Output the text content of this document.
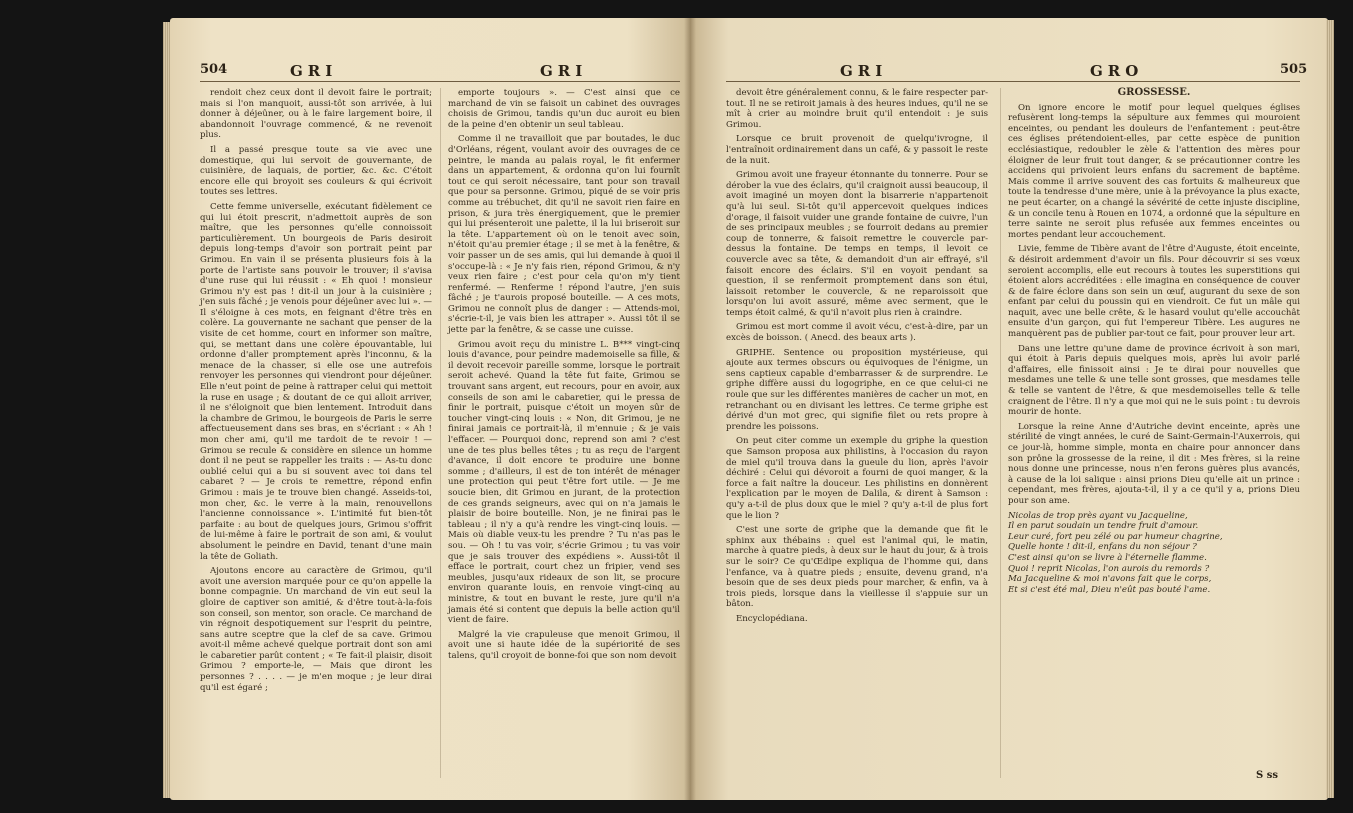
504	GRI	GRI

rendoit chez ceux dont il devoit faire le portrait; mais si l'on manquoit, aussi-tôt son arrivée, à lui donner à déjeûner, ou à le faire largement boire, il abandonnoit l'ouvrage commencé, & ne revenoit plus.

Il a passé presque toute sa vie avec une domestique, qui lui servoit de gouvernante, de cuisinière, de laquais, de portier, &c. &c. C'étoit encore elle qui broyoit ses couleurs & qui écrivoit toutes ses lettres.

Cette femme universelle, exécutant fidèlement ce qui lui étoit prescrit, n'admettoit auprès de son maître, que les personnes qu'elle connoissoit particulièrement. Un bourgeois de Paris desiroit depuis long-temps d'avoir son portrait peint par Grimou. En vain il se présenta plusieurs fois à la porte de l'artiste sans pouvoir le trouver; il s'avisa d'une ruse qui lui réussit : « Eh quoi ! monsieur Grimou n'y est pas ! dit-il un jour à la cuisinière ; j'en suis fâché ; je venois pour déjeûner avec lui ». — Il s'éloigne à ces mots, en feignant d'être très en colère. La gouvernante ne sachant que penser de la visite de cet homme, court en informer son maître, qui, se mettant dans une colère épouvantable, lui ordonne d'aller promptement après l'inconnu, & la menace de la chasser, si elle ose une autrefois renvoyer les personnes qui viendront pour déjeûner. Elle n'eut point de peine à rattraper celui qui mettoit la ruse en usage ; & doutant de ce qui alloit arriver, il ne s'éloignoit que bien lentement. Introduit dans la chambre de Grimou, le bourgeois de Paris le serre affectueusement dans ses bras, en s'écriant : « Ah ! mon cher ami, qu'il me tardoit de te revoir ! — Grimou se recule & considère en silence un homme dont il ne peut se rappeller les traits : — As-tu donc oublié celui qui a bu si souvent avec toi dans tel cabaret ? — Je crois te remettre, répond enfin Grimou : mais je te trouve bien changé. Asseids-toi, mon cher, &c. le verre à la main, renouvellons l'ancienne connoissance ». L'intimité fut bien-tôt parfaite : au bout de quelques jours, Grimou s'offrit de lui-même à faire le portrait de son ami, & voulut absolument le peindre en David, tenant d'une main la tête de Goliath.

Ajoutons encore au caractère de Grimou, qu'il avoit une aversion marquée pour ce qu'on appelle la bonne compagnie. Un marchand de vin eut seul la gloire de captiver son amitié, & d'être tout-à-la-fois son conseil, son mentor, son oracle. Ce marchand de vin régnoit despotiquement sur l'esprit du peintre, sans autre sceptre que la clef de sa cave. Grimou avoit-il même achevé quelque portrait dont son ami le cabaretier parût content ; « Te fait-il plaisir, disoit Grimou ? emporte-le, — Mais que diront les personnes ? . . . . — je m'en moque ; je leur dirai qu'il est égaré ;

emporte toujours ». — C'est ainsi que ce marchand de vin se faisoit un cabinet des ouvrages choisis de Grimou, tandis qu'un duc auroit eu bien de la peine d'en obtenir un seul tableau.

Comme il ne travailloit que par boutades, le duc d'Orléans, régent, voulant avoir des ouvrages de ce peintre, le manda au palais royal, le fit enfermer dans un appartement, & ordonna qu'on lui fournît tout ce qui seroit nécessaire, tant pour son travail que pour sa personne. Grimou, piqué de se voir pris comme au trébuchet, dit qu'il ne savoit rien faire en prison, & jura très énergiquement, que le premier qui lui présenteroit une palette, il la lui briseroit sur la tête. L'appartement où on le tenoit avec soin, n'étoit qu'au premier étage ; il se met à la fenêtre, & voir passer un de ses amis, qui lui demande à quoi il s'occupe-là : « Je n'y fais rien, répond Grimou, & n'y veux rien faire ; c'est pour cela qu'on m'y tient renfermé. — Renferme ! répond l'autre, j'en suis fâché ; je t'aurois proposé bouteille. — A ces mots, Grimou ne connoît plus de danger : — Attends-moi, s'écrie-t-il, je vais bien les attraper ». Aussi tôt il se jette par la fenêtre, & se casse une cuisse.

Grimou avoit reçu du ministre L. B*** vingt-cinq louis d'avance, pour peindre mademoiselle sa fille, & il devoit recevoir pareille somme, lorsque le portrait seroit achevé. Quand la tête fut faite, Grimou se trouvant sans argent, eut recours, pour en avoir, aux conseils de son ami le cabaretier, qui le pressa de finir le portrait, puisque c'étoit un moyen sûr de toucher vingt-cinq louis : « Non, dit Grimou, je ne finirai jamais ce portrait-là, il m'ennuie ; & je vais l'effacer. — Pourquoi donc, reprend son ami ? c'est une de tes plus belles têtes ; tu as reçu de l'argent d'avance, il doit encore te produire une bonne somme ; d'ailleurs, il est de ton intérêt de ménager une protection qui peut t'être fort utile. — Je me soucie bien, dit Grimou en jurant, de la protection de ces grands seigneurs, avec qui on n'a jamais le plaisir de boire bouteille. Non, je ne finirai pas le tableau ; il n'y a qu'à rendre les vingt-cinq louis. — Mais où diable veux-tu les prendre ? Tu n'as pas le sou. — Oh ! tu vas voir, s'écrie Grimou ; tu vas voir que je sais trouver des expédiens ». Aussi-tôt il efface le portrait, court chez un fripier, vend ses meubles, jusqu'aux rideaux de son lit, se procure environ quarante louis, en renvoie vingt-cinq au ministre, & tout en buvant le reste, jure qu'il n'a jamais été si content que depuis la belle action qu'il vient de faire.

Malgré la vie crapuleuse que menoit Grimou, il avoit une si haute idée de la supériorité de ses talens, qu'il croyoit de bonne-foi que son nom devoit

GRI	GRO	505

devoit être généralement connu, & le faire respecter par-tout. Il ne se retiroit jamais à des heures indues, qu'il ne se mît à crier au moindre bruit qu'il entendoit : je suis Grimou.

Lorsque ce bruit provenoit de quelqu'ivrogne, il l'entraînoit ordinairement dans un café, & y passoit le reste de la nuit.

Grimou avoit une frayeur étonnante du tonnerre. Pour se dérober la vue des éclairs, qu'il craignoit aussi beaucoup, il avoit imaginé un moyen dont la bisarrerie n'appartenoit qu'à lui seul. Si-tôt qu'il appercevoit quelques indices d'orage, il faisoit vuider une grande fontaine de cuivre, l'un de ses principaux meubles ; se fourroit dedans au premier coup de tonnerre, & faisoit remettre le couvercle par-dessus la fontaine. De temps en temps, il levoit ce couvercle avec sa tête, & demandoit d'un air effrayé, s'il faisoit encore des éclairs. S'il en voyoit pendant sa question, il se renfermoit promptement dans son étui, laissoit retomber le couvercle, & ne reparoissoit que lorsqu'on lui avoit assuré, même avec serment, que le temps étoit calmé, & qu'il n'avoit plus rien à craindre.

Grimou est mort comme il avoit vécu, c'est-à-dire, par un excès de boisson. ( Anecd. des beaux arts ).

GRIPHE. Sentence ou proposition mystérieuse, qui ajoute aux termes obscurs ou équivoques de l'énigme, un sens captieux capable d'embarrasser & de surprendre. Le griphe diffère aussi du logogriphe, en ce que celui-ci ne roule que sur les différentes manières de cacher un mot, en retranchant ou en divisant les lettres. Ce terme griphe est dérivé d'un mot grec, qui signifie filet ou rets propre à prendre les poissons.

On peut citer comme un exemple du griphe la question que Samson proposa aux philistins, à l'occasion du rayon de miel qu'il trouva dans la gueule du lion, après l'avoir déchiré : Celui qui dévoroit a fourni de quoi manger, & la force a fait naître la douceur. Les philistins en donnèrent l'explication par le moyen de Dalila, & dirent à Samson : qu'y a-t-il de plus doux que le miel ? qu'y a-t-il de plus fort que le lion ?

C'est une sorte de griphe que la demande que fit le sphinx aux thébains : quel est l'animal qui, le matin, marche à quatre pieds, à deux sur le haut du jour, & à trois sur le soir? Ce qu'Œdipe expliqua de l'homme qui, dans l'enfance, va à quatre pieds ; ensuite, devenu grand, n'a besoin que de ses deux pieds pour marcher, & enfin, va à trois pieds, lorsque dans la vieillesse il s'appuie sur un bâton.

Encyclopédiana.

GROSSESSE.

On ignore encore le motif pour lequel quelques églises refusèrent long-temps la sépulture aux femmes qui mouroient enceintes, ou pendant les douleurs de l'enfantement : peut-être ces églises prétendoient-elles, par cette espèce de punition ecclésiastique, redoubler le zèle & l'attention des mères pour éloigner de leur fruit tout danger, & se précautionner contre les accidens qui privoient leurs enfans du sacrement de baptême. Mais comme il arrive souvent des cas fortuits & malheureux que toute la tendresse d'une mère, unie à la prévoyance la plus exacte, ne peut écarter, on a changé la sévérité de cette injuste discipline, & un concile tenu à Rouen en 1074, a ordonné que la sépulture en terre sainte ne seroit plus refusée aux femmes enceintes ou mortes pendant leur accouchement.

Livie, femme de Tibère avant de l'être d'Auguste, étoit enceinte, & désiroit ardemment d'avoir un fils. Pour découvrir si ses vœux seroient accomplis, elle eut recours à toutes les superstitions qui étoient alors accréditées : elle imagina en conséquence de couver & de faire éclore dans son sein un œuf, augurant du sexe de son enfant par celui du poussin qui en viendroit. Ce fut un mâle qui naquit, avec une belle crête, & le hasard voulut qu'elle accouchât ensuite d'un garçon, qui fut l'empereur Tibère. Les augures ne manquèrent pas de publier par-tout ce fait, pour prouver leur art.

Dans une lettre qu'une dame de province écrivoit à son mari, qui étoit à Paris depuis quelques mois, après lui avoir parlé d'affaires, elle finissoit ainsi : Je te dirai pour nouvelles que mesdames une telle & une telle sont grosses, que mesdames telle & telle se vantent de l'être, & que mesdemoiselles telle & telle craignent de l'être. Il n'y a que moi qui ne le suis point : tu devrois mourir de honte.

Lorsque la reine Anne d'Autriche devint enceinte, après une stérilité de vingt années, le curé de Saint-Germain-l'Auxerrois, qui ce jour-là, homme simple, monta en chaire pour annoncer dans son prône la grossesse de la reine, il dit : Mes frères, si la reine nous donne une princesse, nous n'en ferons guères plus avancés, à cause de la loi salique : ainsi prions Dieu qu'elle ait un prince : cependant, mes frères, ajouta-t-il, il y a ce qu'il y a, prions Dieu pour son ame.

Nicolas de trop près ayant vu Jacqueline,

Il en parut soudain un tendre fruit d'amour.

Leur curé, fort peu zélé ou par humeur chagrine,

Quelle honte ! dit-il, enfans du non séjour ?

C'est ainsi qu'on se livre à l'éternelle flamme.

Quoi ! reprit Nicolas, l'on aurois du remords ?

Ma Jacqueline & moi n'avons fait que le corps,

Et si c'est été mal, Dieu n'eût pas bouté l'ame.

S ss
